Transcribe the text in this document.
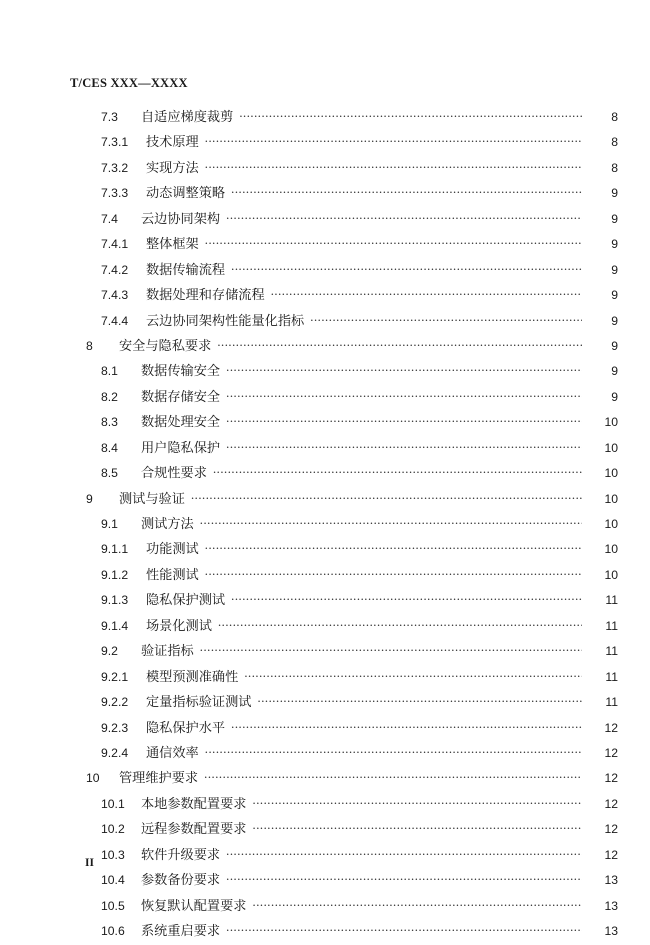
T/CES XXX—XXXX
7.3	自适应梯度裁剪 .....	8
7.3.1	技术原理 .....	8
7.3.2	实现方法 .....	8
7.3.3	动态调整策略 .....	9
7.4	云边协同架构 .....	9
7.4.1	整体框架 .....	9
7.4.2	数据传输流程 .....	9
7.4.3	数据处理和存储流程 .....	9
7.4.4	云边协同架构性能量化指标 .....	9
8	安全与隐私要求 .....	9
8.1	数据传输安全 .....	9
8.2	数据存储安全 .....	9
8.3	数据处理安全 .....	10
8.4	用户隐私保护 .....	10
8.5	合规性要求 .....	10
9	测试与验证 .....	10
9.1	测试方法 .....	10
9.1.1	功能测试 .....	10
9.1.2	性能测试 .....	10
9.1.3	隐私保护测试 .....	11
9.1.4	场景化测试 .....	11
9.2	验证指标 .....	11
9.2.1	模型预测准确性 .....	11
9.2.2	定量指标验证测试 .....	11
9.2.3	隐私保护水平 .....	12
9.2.4	通信效率 .....	12
10	管理维护要求 .....	12
10.1	本地参数配置要求 .....	12
10.2	远程参数配置要求 .....	12
10.3	软件升级要求 .....	12
10.4	参数备份要求 .....	13
10.5	恢复默认配置要求 .....	13
10.6	系统重启要求 .....	13
II
